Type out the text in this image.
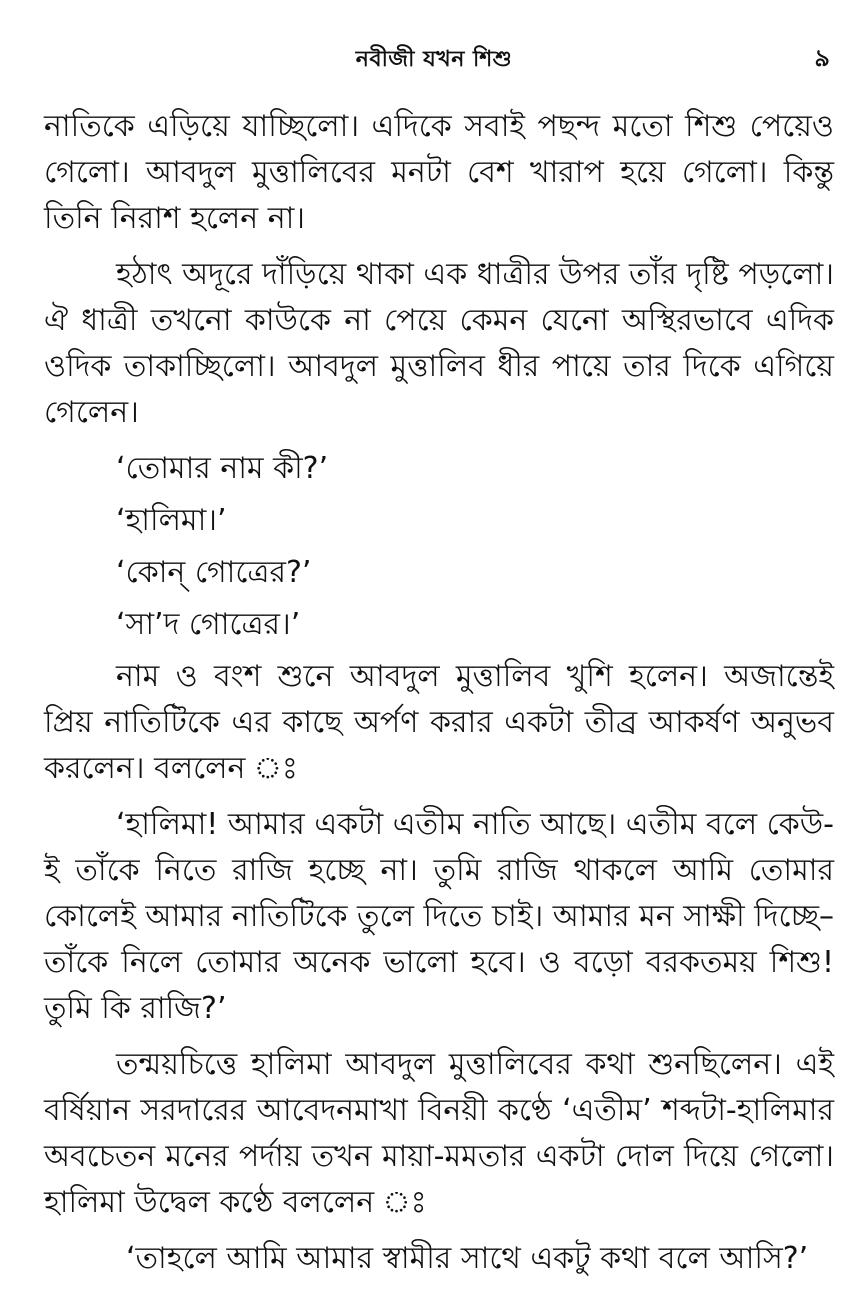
নবীজী যখন শিশু	৯

নাতিকে এড়িয়ে যাচ্ছিলো। এদিকে সবাই পছন্দ মতো শিশু পেয়েও গেলো। আবদুল মুত্তালিবের মনটা বেশ খারাপ হয়ে গেলো। কিন্তু তিনি নিরাশ হলেন না।

হঠাৎ অদূরে দাঁড়িয়ে থাকা এক ধাত্রীর উপর তাঁর দৃষ্টি পড়লো। ঐ ধাত্রী তখনো কাউকে না পেয়ে কেমন যেনো অস্থিরভাবে এদিক ওদিক তাকাচ্ছিলো। আবদুল মুত্তালিব ধীর পায়ে তার দিকে এগিয়ে গেলেন।

‘তোমার নাম কী?’

‘হালিমা।’

‘কোন্ গোত্রের?’

‘সা’দ গোত্রের।’

নাম ও বংশ শুনে আবদুল মুত্তালিব খুশি হলেন। অজান্তেই প্রিয় নাতিটিকে এর কাছে অর্পণ করার একটা তীব্র আকর্ষণ অনুভব করলেন। বললেন ঃ

‘হালিমা! আমার একটা এতীম নাতি আছে। এতীম বলে কেউ-ই তাঁকে নিতে রাজি হচ্ছে না। তুমি রাজি থাকলে আমি তোমার কোলেই আমার নাতিটিকে তুলে দিতে চাই। আমার মন সাক্ষী দিচ্ছে– তাঁকে নিলে তোমার অনেক ভালো হবে। ও বড়ো বরকতময় শিশু! তুমি কি রাজি?’

তন্ময়চিত্তে হালিমা আবদুল মুত্তালিবের কথা শুনছিলেন। এই বর্ষিয়ান সরদারের আবেদনমাখা বিনয়ী কণ্ঠে ‘এতীম’ শব্দটা-হালিমার অবচেতন মনের পর্দায় তখন মায়া-মমতার একটা দোল দিয়ে গেলো। হালিমা উদ্বেল কণ্ঠে বললেন ঃ

‘তাহলে আমি আমার স্বামীর সাথে একটু কথা বলে আসি?’
